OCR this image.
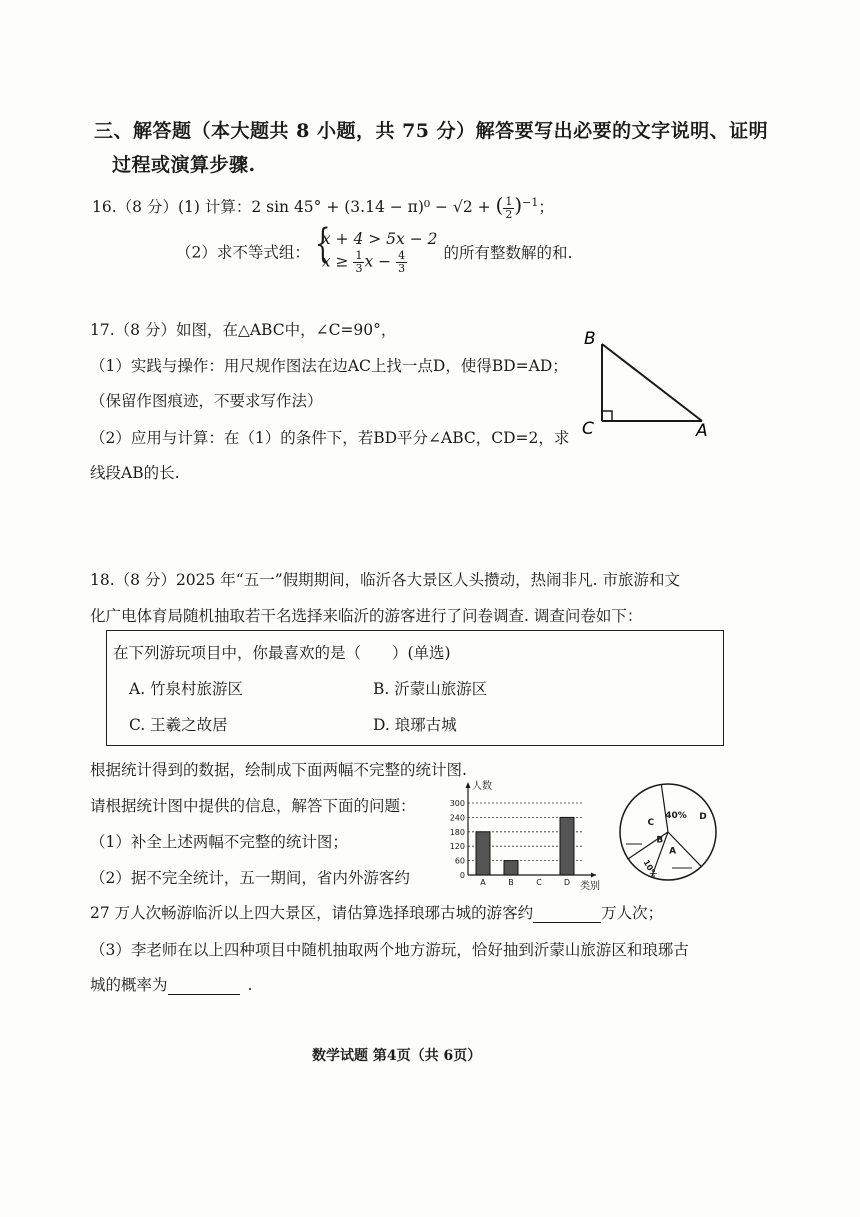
三、解答题（本大题共 8 小题，共 75 分）解答要写出必要的文字说明、证明
过程或演算步骤.
16.（8 分）(1) 计算：2 sin 45° + (3.14 − π)⁰ − √2 + ( $\frac{1}{2} )^{-1}$；
（2）求不等式组： {
x + 4 > 5x − 2
$x \ge \frac{1}{3}$ $x - \frac{4}{3}$ 的所有整数解的和.
17.（8 分）如图，在△ABC中，∠C=90°，
（1）实践与操作：用尺规作图法在边AC上找一点D，使得BD=AD；
（保留作图痕迹，不要求写作法）
（2）应用与计算：在（1）的条件下，若BD平分∠ABC，CD=2，求
线段AB的长.
B
C	A
18.（8 分）2025 年“五一”假期期间，临沂各大景区人头攒动，热闹非凡. 市旅游和文
化广电体育局随机抽取若干名选择来临沂的游客进行了问卷调查. 调查问卷如下：
在下列游玩项目中，你最喜欢的是（　　）(单选)
A. 竹泉村旅游区	B. 沂蒙山旅游区
C. 王羲之故居	D. 琅琊古城
根据统计得到的数据，绘制成下面两幅不完整的统计图.
请根据统计图中提供的信息，解答下面的问题：
（1）补全上述两幅不完整的统计图；
（2）据不完全统计，五一期间，省内外游客约
27 万人次畅游临沂以上四大景区，请估算选择琅琊古城的游客约	万人次；
（3）李老师在以上四种项目中随机抽取两个地方游玩，恰好抽到沂蒙山旅游区和琅琊古
城的概率为	.
0
60
120
180
240
300
人数
类别
A	B	C	D
D
A
B
C
40%
10%
数学试题 第4页（共 6页）
